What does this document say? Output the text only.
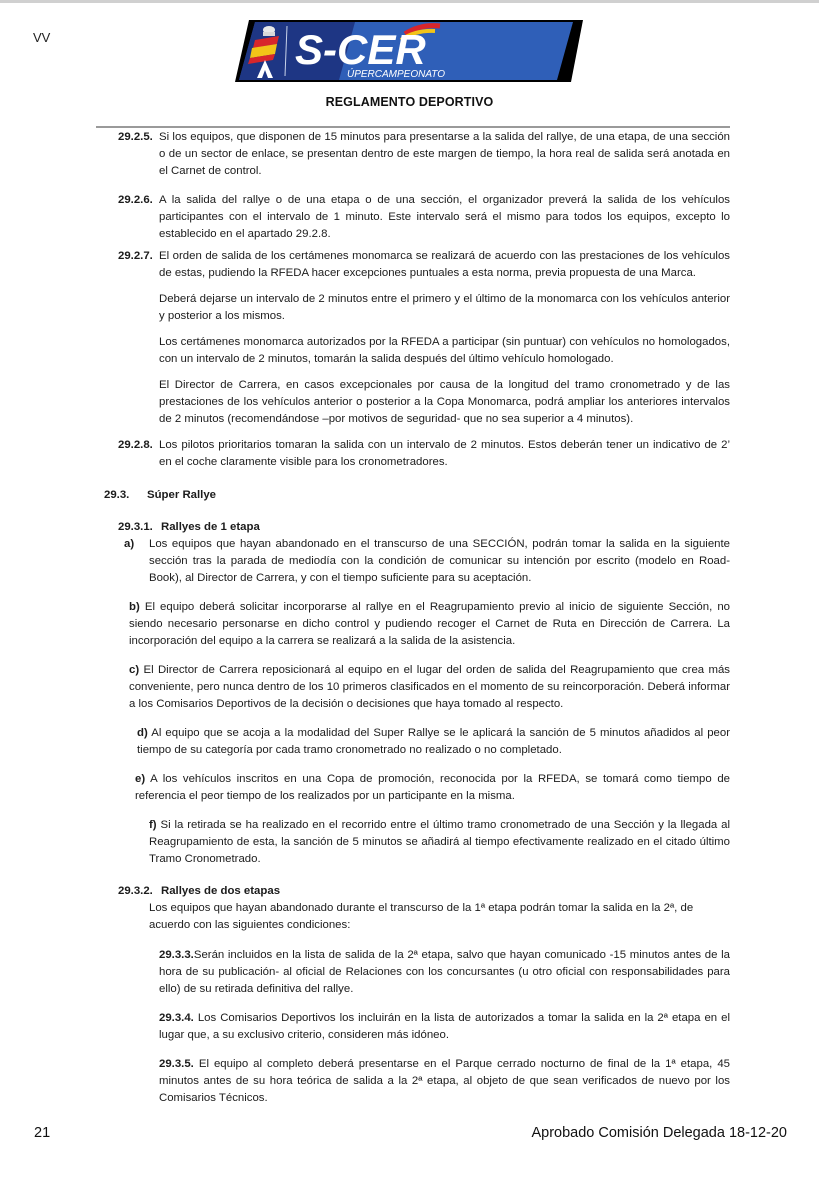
VV	S-CER
ÚPERCAMPEONATO
REGLAMENTO DEPORTIVO
29.2.5. Si los equipos, que disponen de 15 minutos para presentarse a la salida del rallye, de una etapa, de una sección o de un sector de enlace, se presentan dentro de este margen de tiempo, la hora real de salida será anotada en el Carnet de control.
29.2.6. A la salida del rallye o de una etapa o de una sección, el organizador preverá la salida de los vehículos participantes con el intervalo de 1 minuto. Este intervalo será el mismo para todos los equipos, excepto lo establecido en el apartado 29.2.8.
29.2.7. El orden de salida de los certámenes monomarca se realizará de acuerdo con las prestaciones de los vehículos de estas, pudiendo la RFEDA hacer excepciones puntuales a esta norma, previa propuesta de una Marca.
Deberá dejarse un intervalo de 2 minutos entre el primero y el último de la monomarca con los vehículos anterior y posterior a los mismos.
Los certámenes monomarca autorizados por la RFEDA a participar (sin puntuar) con vehículos no homologados, con un intervalo de 2 minutos, tomarán la salida después del último vehículo homologado.
El Director de Carrera, en casos excepcionales por causa de la longitud del tramo cronometrado y de las prestaciones de los vehículos anterior o posterior a la Copa Monomarca, podrá ampliar los anteriores intervalos de 2 minutos (recomendándose –por motivos de seguridad- que no sea superior a 4 minutos).
29.2.8. Los pilotos prioritarios tomaran la salida con un intervalo de 2 minutos. Estos deberán tener un indicativo de 2’ en el coche claramente visible para los cronometradores.
29.3.	Súper Rallye
29.3.1. Rallyes de 1 etapa
a)	Los equipos que hayan abandonado en el transcurso de una SECCIÓN, podrán tomar la salida en la siguiente sección tras la parada de mediodía con la condición de comunicar su intención por escrito (modelo en Road-Book), al Director de Carrera, y con el tiempo suficiente para su aceptación.
b) El equipo deberá solicitar incorporarse al rallye en el Reagrupamiento previo al inicio de siguiente Sección, no siendo necesario personarse en dicho control y pudiendo recoger el Carnet de Ruta en Dirección de Carrera. La incorporación del equipo a la carrera se realizará a la salida de la asistencia.
c) El Director de Carrera reposicionará al equipo en el lugar del orden de salida del Reagrupamiento que crea más conveniente, pero nunca dentro de los 10 primeros clasificados en el momento de su reincorporación. Deberá informar a los Comisarios Deportivos de la decisión o decisiones que haya tomado al respecto.
d) Al equipo que se acoja a la modalidad del Super Rallye se le aplicará la sanción de 5 minutos añadidos al peor tiempo de su categoría por cada tramo cronometrado no realizado o no completado.
e) A los vehículos inscritos en una Copa de promoción, reconocida por la RFEDA, se tomará como tiempo de referencia el peor tiempo de los realizados por un participante en la misma.
f) Si la retirada se ha realizado en el recorrido entre el último tramo cronometrado de una Sección y la llegada al Reagrupamiento de esta, la sanción de 5 minutos se añadirá al tiempo efectivamente realizado en el citado último Tramo Cronometrado.
29.3.2. Rallyes de dos etapas
Los equipos que hayan abandonado durante el transcurso de la 1ª etapa podrán tomar la salida en la 2ª, de acuerdo con las siguientes condiciones:
29.3.3.Serán incluidos en la lista de salida de la 2ª etapa, salvo que hayan comunicado -15 minutos antes de la hora de su publicación- al oficial de Relaciones con los concursantes (u otro oficial con responsabilidades para ello) de su retirada definitiva del rallye.
29.3.4. Los Comisarios Deportivos los incluirán en la lista de autorizados a tomar la salida en la 2ª etapa en el lugar que, a su exclusivo criterio, consideren más idóneo.
29.3.5. El equipo al completo deberá presentarse en el Parque cerrado nocturno de final de la 1ª etapa, 45 minutos antes de su hora teórica de salida a la 2ª etapa, al objeto de que sean verificados de nuevo por los Comisarios Técnicos.
21	Aprobado Comisión Delegada 18-12-20
